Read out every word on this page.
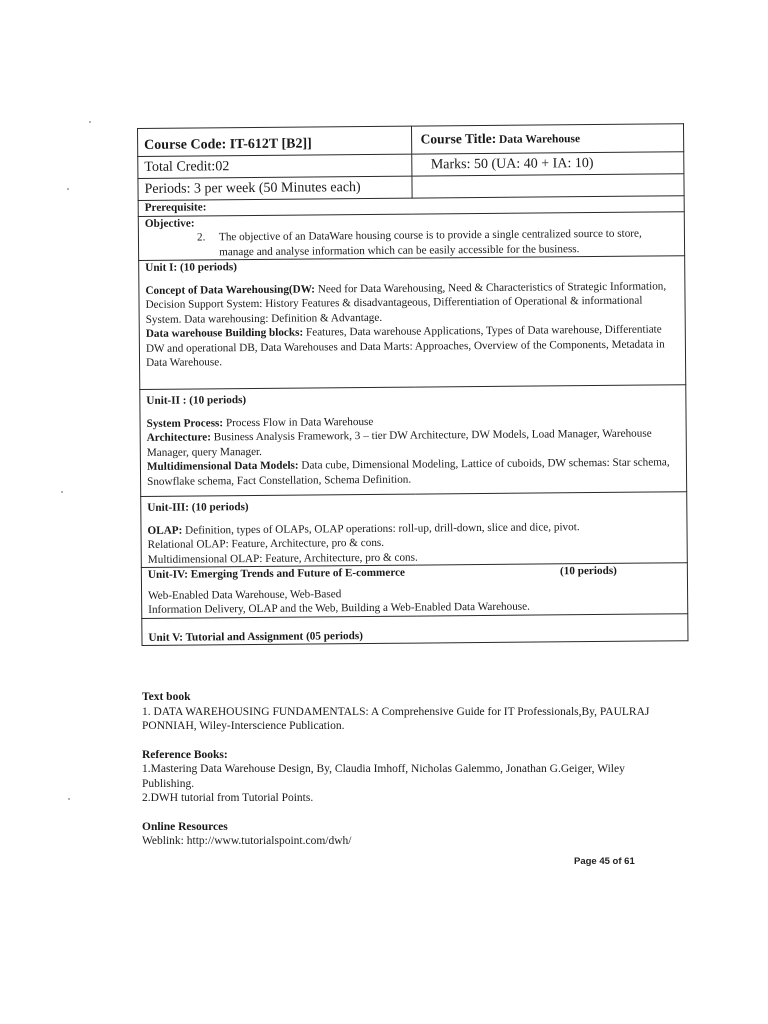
Course Code: IT-612T [B2]]	Course Title: Data Warehouse
Total Credit:02	Marks: 50 (UA: 40 + IA: 10)
Periods: 3 per week (50 Minutes each)	
Prerequisite:	

Objective:
2. The objective of an DataWare housing course is to provide a single centralized source to store, manage and analyse information which can be easily accessible for the business.	

Unit I: (10 periods)

Concept of Data Warehousing(DW: Need for Data Warehousing, Need & Characteristics of Strategic Information, Decision Support System: History Features & disadvantageous, Differentiation of Operational & informational System. Data warehousing: Definition & Advantage.

Data warehouse Building blocks: Features, Data warehouse Applications, Types of Data warehouse, Differentiate DW and operational DB, Data Warehouses and Data Marts: Approaches, Overview of the Components, Metadata in Data Warehouse.	

Unit-II : (10 periods)

System Process: Process Flow in Data Warehouse

Architecture: Business Analysis Framework, 3 – tier DW Architecture, DW Models, Load Manager, Warehouse Manager, query Manager.

Multidimensional Data Models: Data cube, Dimensional Modeling, Lattice of cuboids, DW schemas: Star schema, Snowflake schema, Fact Constellation, Schema Definition.	

Unit-III: (10 periods)

OLAP: Definition, types of OLAPs, OLAP operations: roll-up, drill-down, slice and dice, pivot.

Relational OLAP: Feature, Architecture, pro & cons.

Multidimensional OLAP: Feature, Architecture, pro & cons.	

Unit-IV: Emerging Trends and Future of E-commerce (10 periods)

Web-Enabled Data Warehouse, Web-Based

Information Delivery, OLAP and the Web, Building a Web-Enabled Data Warehouse.	

Unit V: Tutorial and Assignment (05 periods)	

Text book

1. DATA WAREHOUSING FUNDAMENTALS: A Comprehensive Guide for IT Professionals,By, PAULRAJ PONNIAH, Wiley-Interscience Publication.

Reference Books:

1.Mastering Data Warehouse Design, By, Claudia Imhoff, Nicholas Galemmo, Jonathan G.Geiger, Wiley Publishing.

2.DWH tutorial from Tutorial Points.

Online Resources

Weblink: http://www.tutorialspoint.com/dwh/

Page 45 of 61
